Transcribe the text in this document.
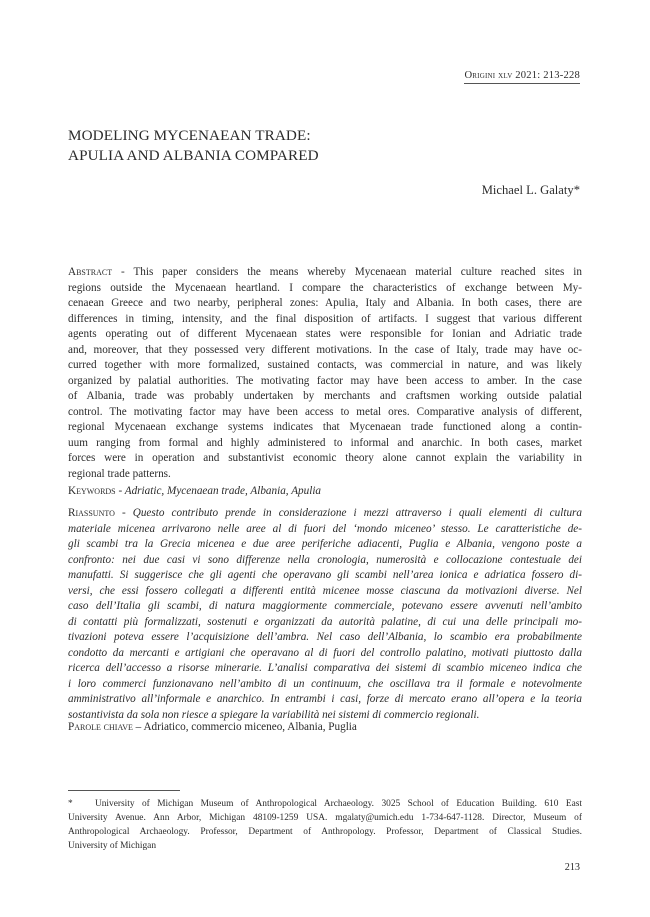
Origini xlv 2021: 213-228
MODELING MYCENAEAN TRADE:
APULIA AND ALBANIA COMPARED
Michael L. Galaty*
Abstract - This paper considers the means whereby Mycenaean material culture reached sites in
regions outside the Mycenaean heartland. I compare the characteristics of exchange between My-
cenaean Greece and two nearby, peripheral zones: Apulia, Italy and Albania. In both cases, there are
differences in timing, intensity, and the final disposition of artifacts. I suggest that various different
agents operating out of different Mycenaean states were responsible for Ionian and Adriatic trade
and, moreover, that they possessed very different motivations. In the case of Italy, trade may have oc-
curred together with more formalized, sustained contacts, was commercial in nature, and was likely
organized by palatial authorities. The motivating factor may have been access to amber. In the case
of Albania, trade was probably undertaken by merchants and craftsmen working outside palatial
control. The motivating factor may have been access to metal ores. Comparative analysis of different,
regional Mycenaean exchange systems indicates that Mycenaean trade functioned along a contin-
uum ranging from formal and highly administered to informal and anarchic. In both cases, market
forces were in operation and substantivist economic theory alone cannot explain the variability in
regional trade patterns.
Keywords - Adriatic, Mycenaean trade, Albania, Apulia
Riassunto - Questo contributo prende in considerazione i mezzi attraverso i quali elementi di cultura
materiale micenea arrivarono nelle aree al di fuori del ‘mondo miceneo’ stesso. Le caratteristiche de-
gli scambi tra la Grecia micenea e due aree periferiche adiacenti, Puglia e Albania, vengono poste a
confronto: nei due casi vi sono differenze nella cronologia, numerosità e collocazione contestuale dei
manufatti. Si suggerisce che gli agenti che operavano gli scambi nell’area ionica e adriatica fossero di-
versi, che essi fossero collegati a differenti entità micenee mosse ciascuna da motivazioni diverse. Nel
caso dell’Italia gli scambi, di natura maggiormente commerciale, potevano essere avvenuti nell’ambito
di contatti più formalizzati, sostenuti e organizzati da autorità palatine, di cui una delle principali mo-
tivazioni poteva essere l’acquisizione dell’ambra. Nel caso dell’Albania, lo scambio era probabilmente
condotto da mercanti e artigiani che operavano al di fuori del controllo palatino, motivati piuttosto dalla
ricerca dell’accesso a risorse minerarie. L’analisi comparativa dei sistemi di scambio miceneo indica che
i loro commerci funzionavano nell’ambito di un continuum, che oscillava tra il formale e notevolmente
amministrativo all’informale e anarchico. In entrambi i casi, forze di mercato erano all’opera e la teoria
sostantivista da sola non riesce a spiegare la variabilità nei sistemi di commercio regionali.
Parole chiave – Adriatico, commercio miceneo, Albania, Puglia
*   University of Michigan Museum of Anthropological Archaeology. 3025 School of Education Building. 610 East
University Avenue. Ann Arbor, Michigan 48109-1259 USA. mgalaty@umich.edu 1-734-647-1128. Director, Museum of
Anthropological Archaeology. Professor, Department of Anthropology. Professor, Department of Classical Studies.
University of Michigan
213
